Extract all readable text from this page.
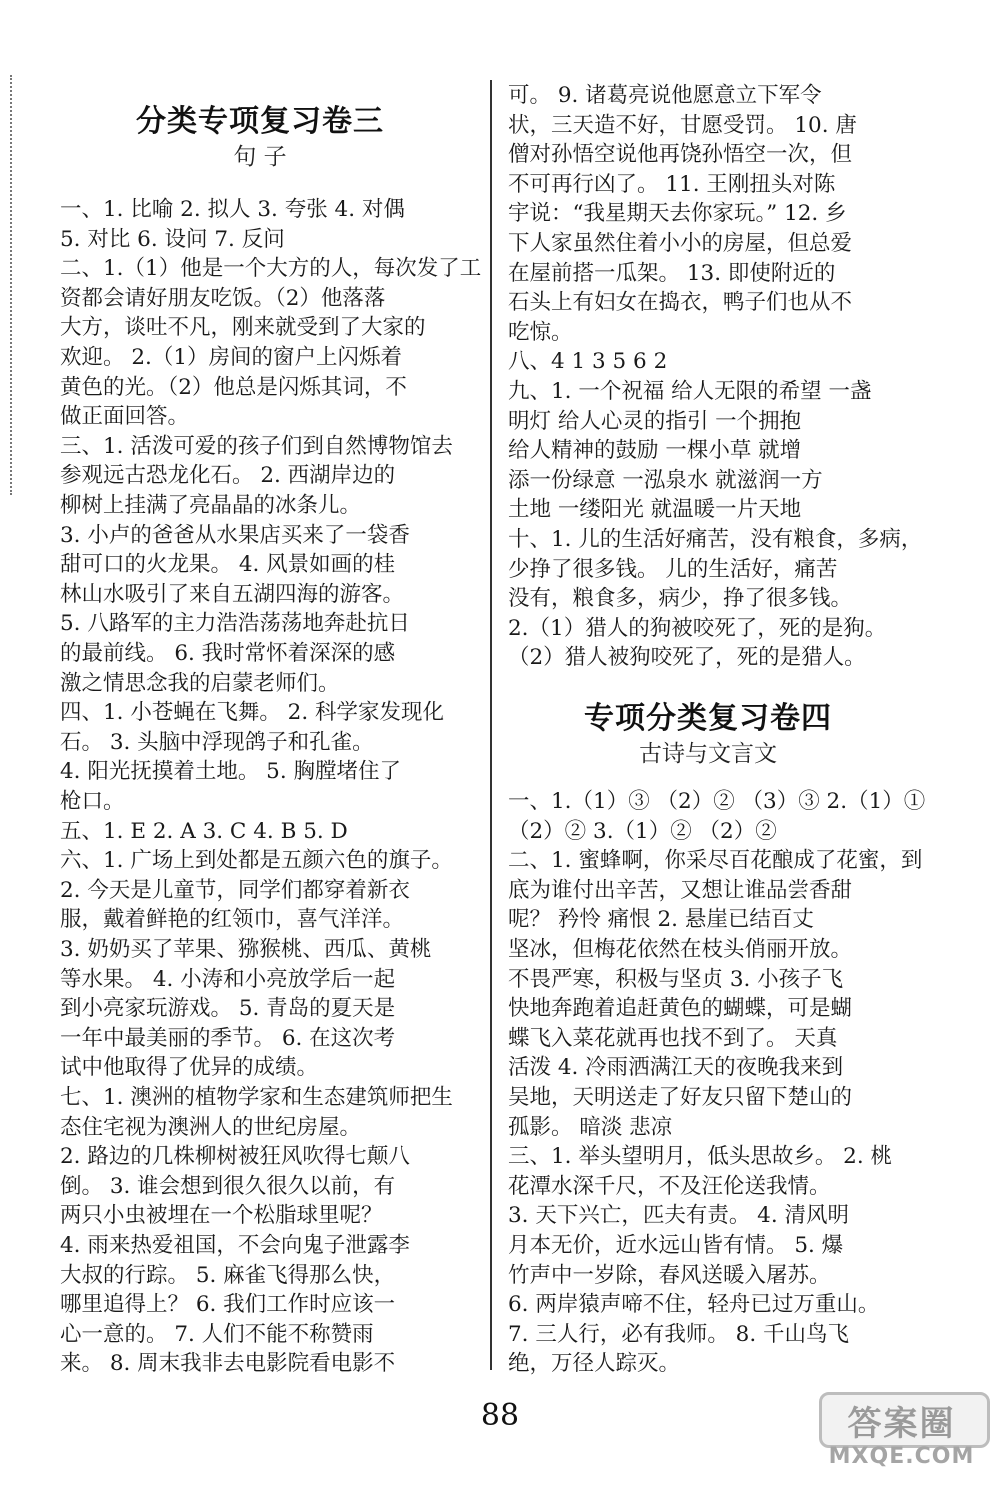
分类专项复习卷三

句 子

一、1. 比喻 2. 拟人 3. 夸张 4. 对偶
5. 对比 6. 设问 7. 反问
二、1.（1）他是一个大方的人，每次发了工
资都会请好朋友吃饭。（2）他落落
大方，谈吐不凡，刚来就受到了大家的
欢迎。 2.（1）房间的窗户上闪烁着
黄色的光。（2）他总是闪烁其词，不
做正面回答。
三、1. 活泼可爱的孩子们到自然博物馆去
参观远古恐龙化石。 2. 西湖岸边的
柳树上挂满了亮晶晶的冰条儿。
3. 小卢的爸爸从水果店买来了一袋香
甜可口的火龙果。 4. 风景如画的桂
林山水吸引了来自五湖四海的游客。
5. 八路军的主力浩浩荡荡地奔赴抗日
的最前线。 6. 我时常怀着深深的感
激之情思念我的启蒙老师们。
四、1. 小苍蝇在飞舞。 2. 科学家发现化
石。 3. 头脑中浮现鸽子和孔雀。
4. 阳光抚摸着土地。 5. 胸膛堵住了
枪口。
五、1. E 2. A 3. C 4. B 5. D
六、1. 广场上到处都是五颜六色的旗子。
2. 今天是儿童节，同学们都穿着新衣
服，戴着鲜艳的红领巾，喜气洋洋。
3. 奶奶买了苹果、猕猴桃、西瓜、黄桃
等水果。 4. 小涛和小亮放学后一起
到小亮家玩游戏。 5. 青岛的夏天是
一年中最美丽的季节。 6. 在这次考
试中他取得了优异的成绩。
七、1. 澳洲的植物学家和生态建筑师把生
态住宅视为澳洲人的世纪房屋。
2. 路边的几株柳树被狂风吹得七颠八
倒。 3. 谁会想到很久很久以前，有
两只小虫被埋在一个松脂球里呢？
4. 雨来热爱祖国，不会向鬼子泄露李
大叔的行踪。 5. 麻雀飞得那么快，
哪里追得上？ 6. 我们工作时应该一
心一意的。 7. 人们不能不称赞雨
来。 8. 周末我非去电影院看电影不
可。 9. 诸葛亮说他愿意立下军令
状，三天造不好，甘愿受罚。 10. 唐
僧对孙悟空说他再饶孙悟空一次，但
不可再行凶了。 11. 王刚扭头对陈
宇说：“我星期天去你家玩。” 12. 乡
下人家虽然住着小小的房屋，但总爱
在屋前搭一瓜架。 13. 即使附近的
石头上有妇女在捣衣，鸭子们也从不
吃惊。
八、4 1 3 5 6 2
九、1. 一个祝福 给人无限的希望 一盏
明灯 给人心灵的指引 一个拥抱
给人精神的鼓励 一棵小草 就增
添一份绿意 一泓泉水 就滋润一方
土地 一缕阳光 就温暖一片天地
十、1. 儿的生活好痛苦，没有粮食，多病，
少挣了很多钱。 儿的生活好，痛苦
没有，粮食多，病少，挣了很多钱。
2.（1）猎人的狗被咬死了，死的是狗。
（2）猎人被狗咬死了，死的是猎人。
专项分类复习卷四

古诗与文言文

一、1.（1）③ （2）② （3）③ 2.（1）①
（2）② 3.（1）② （2）②
二、1. 蜜蜂啊，你采尽百花酿成了花蜜，到
底为谁付出辛苦，又想让谁品尝香甜
呢？ 矜怜 痛恨 2. 悬崖已结百丈
坚冰，但梅花依然在枝头俏丽开放。
不畏严寒，积极与坚贞 3. 小孩子飞
快地奔跑着追赶黄色的蝴蝶，可是蝴
蝶飞入菜花就再也找不到了。 天真
活泼 4. 冷雨洒满江天的夜晚我来到
吴地，天明送走了好友只留下楚山的
孤影。 暗淡 悲凉
三、1. 举头望明月，低头思故乡。 2. 桃
花潭水深千尺，不及汪伦送我情。
3. 天下兴亡，匹夫有责。 4. 清风明
月本无价，近水远山皆有情。 5. 爆
竹声中一岁除，春风送暖入屠苏。
6. 两岸猿声啼不住，轻舟已过万重山。
7. 三人行，必有我师。 8. 千山鸟飞
绝，万径人踪灭。
88	答案圈
MXQE.COM
